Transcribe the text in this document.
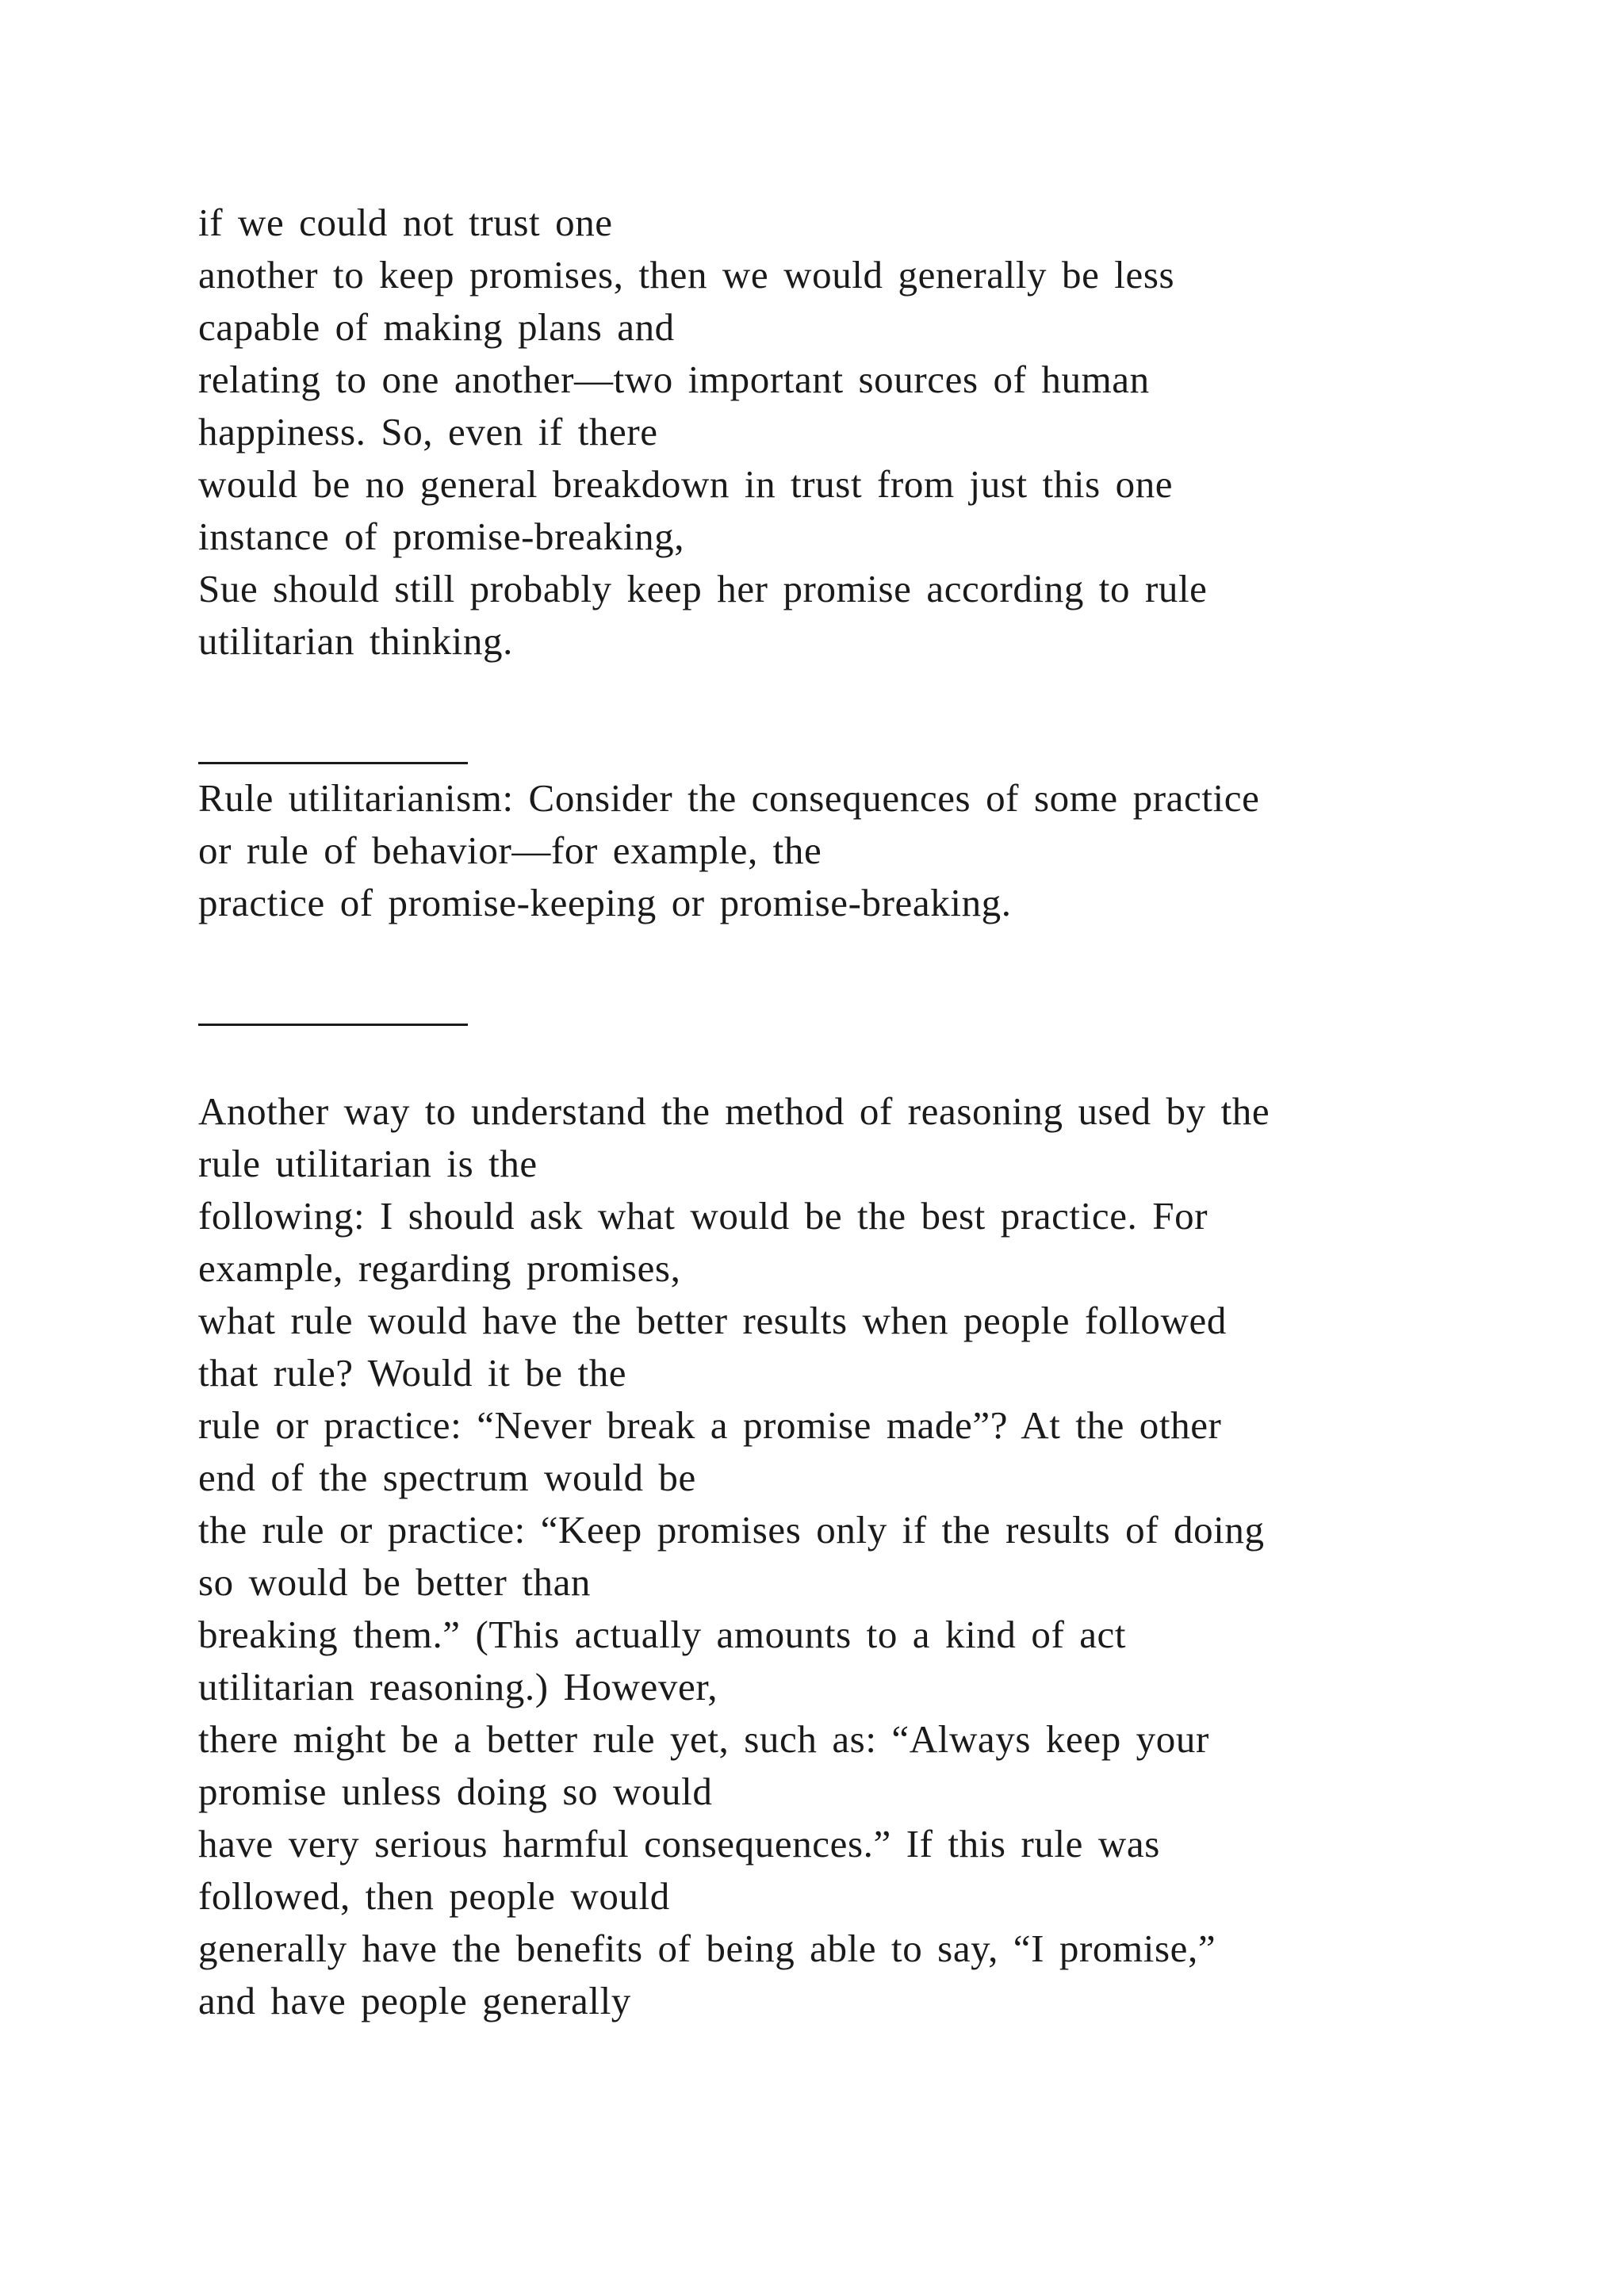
if we could not trust one
another to keep promises, then we would generally be less
capable of making plans and
relating to one another—two important sources of human
happiness. So, even if there
would be no general breakdown in trust from just this one
instance of promise-breaking,
Sue should still probably keep her promise according to rule
utilitarian thinking.
Rule utilitarianism: Consider the consequences of some practice
or rule of behavior—for example, the
practice of promise-keeping or promise-breaking.
Another way to understand the method of reasoning used by the
rule utilitarian is the
following: I should ask what would be the best practice. For
example, regarding promises,
what rule would have the better results when people followed
that rule? Would it be the
rule or practice: “Never break a promise made”? At the other
end of the spectrum would be
the rule or practice: “Keep promises only if the results of doing
so would be better than
breaking them.” (This actually amounts to a kind of act
utilitarian reasoning.) However,
there might be a better rule yet, such as: “Always keep your
promise unless doing so would
have very serious harmful consequences.” If this rule was
followed, then people would
generally have the benefits of being able to say, “I promise,”
and have people generally
